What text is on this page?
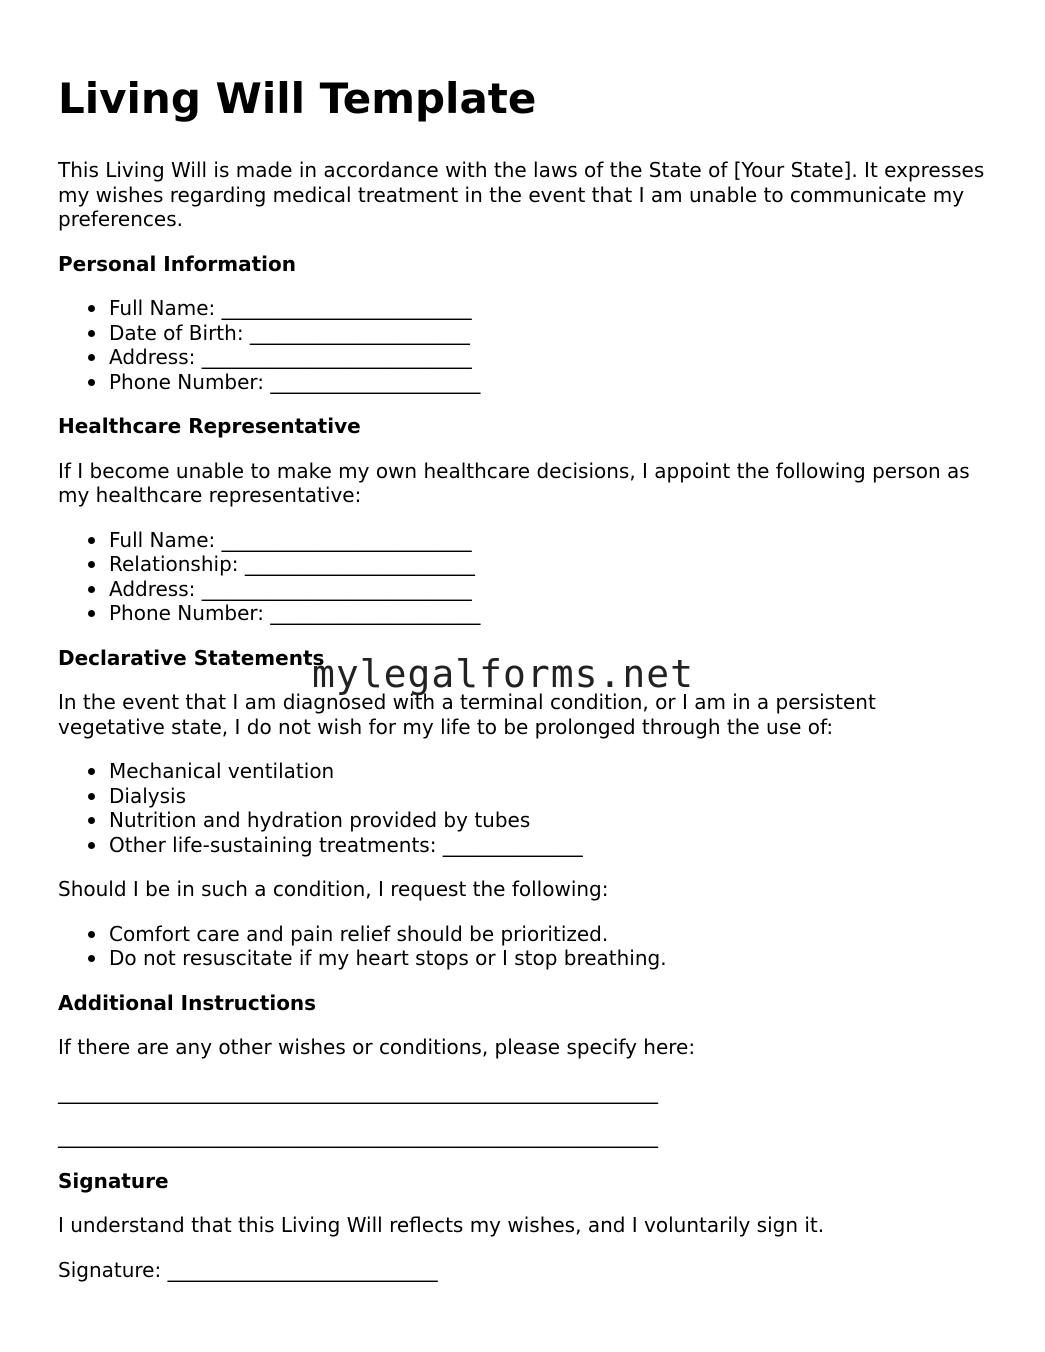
Living Will Template

This Living Will is made in accordance with the laws of the State of [Your State]. It expresses my wishes regarding medical treatment in the event that I am unable to communicate my preferences.

Personal Information
Full Name: _________________________
Date of Birth: ______________________
Address: ___________________________
Phone Number: _____________________
Healthcare Representative

If I become unable to make my own healthcare decisions, I appoint the following person as my healthcare representative:

Full Name: _________________________
Relationship: _______________________
Address: ___________________________
Phone Number: _____________________
Declarative Statements

In the event that I am diagnosed with a terminal condition, or I am in a persistent vegetative state, I do not wish for my life to be prolonged through the use of:

Mechanical ventilation
Dialysis
Nutrition and hydration provided by tubes
Other life-sustaining treatments: ______________

Should I be in such a condition, I request the following:

Comfort care and pain relief should be prioritized.
Do not resuscitate if my heart stops or I stop breathing.
Additional Instructions

If there are any other wishes or conditions, please specify here:

____________________________________________________________
____________________________________________________________
Signature

I understand that this Living Will reflects my wishes, and I voluntarily sign it.

Signature: ___________________________

mylegalforms.net
